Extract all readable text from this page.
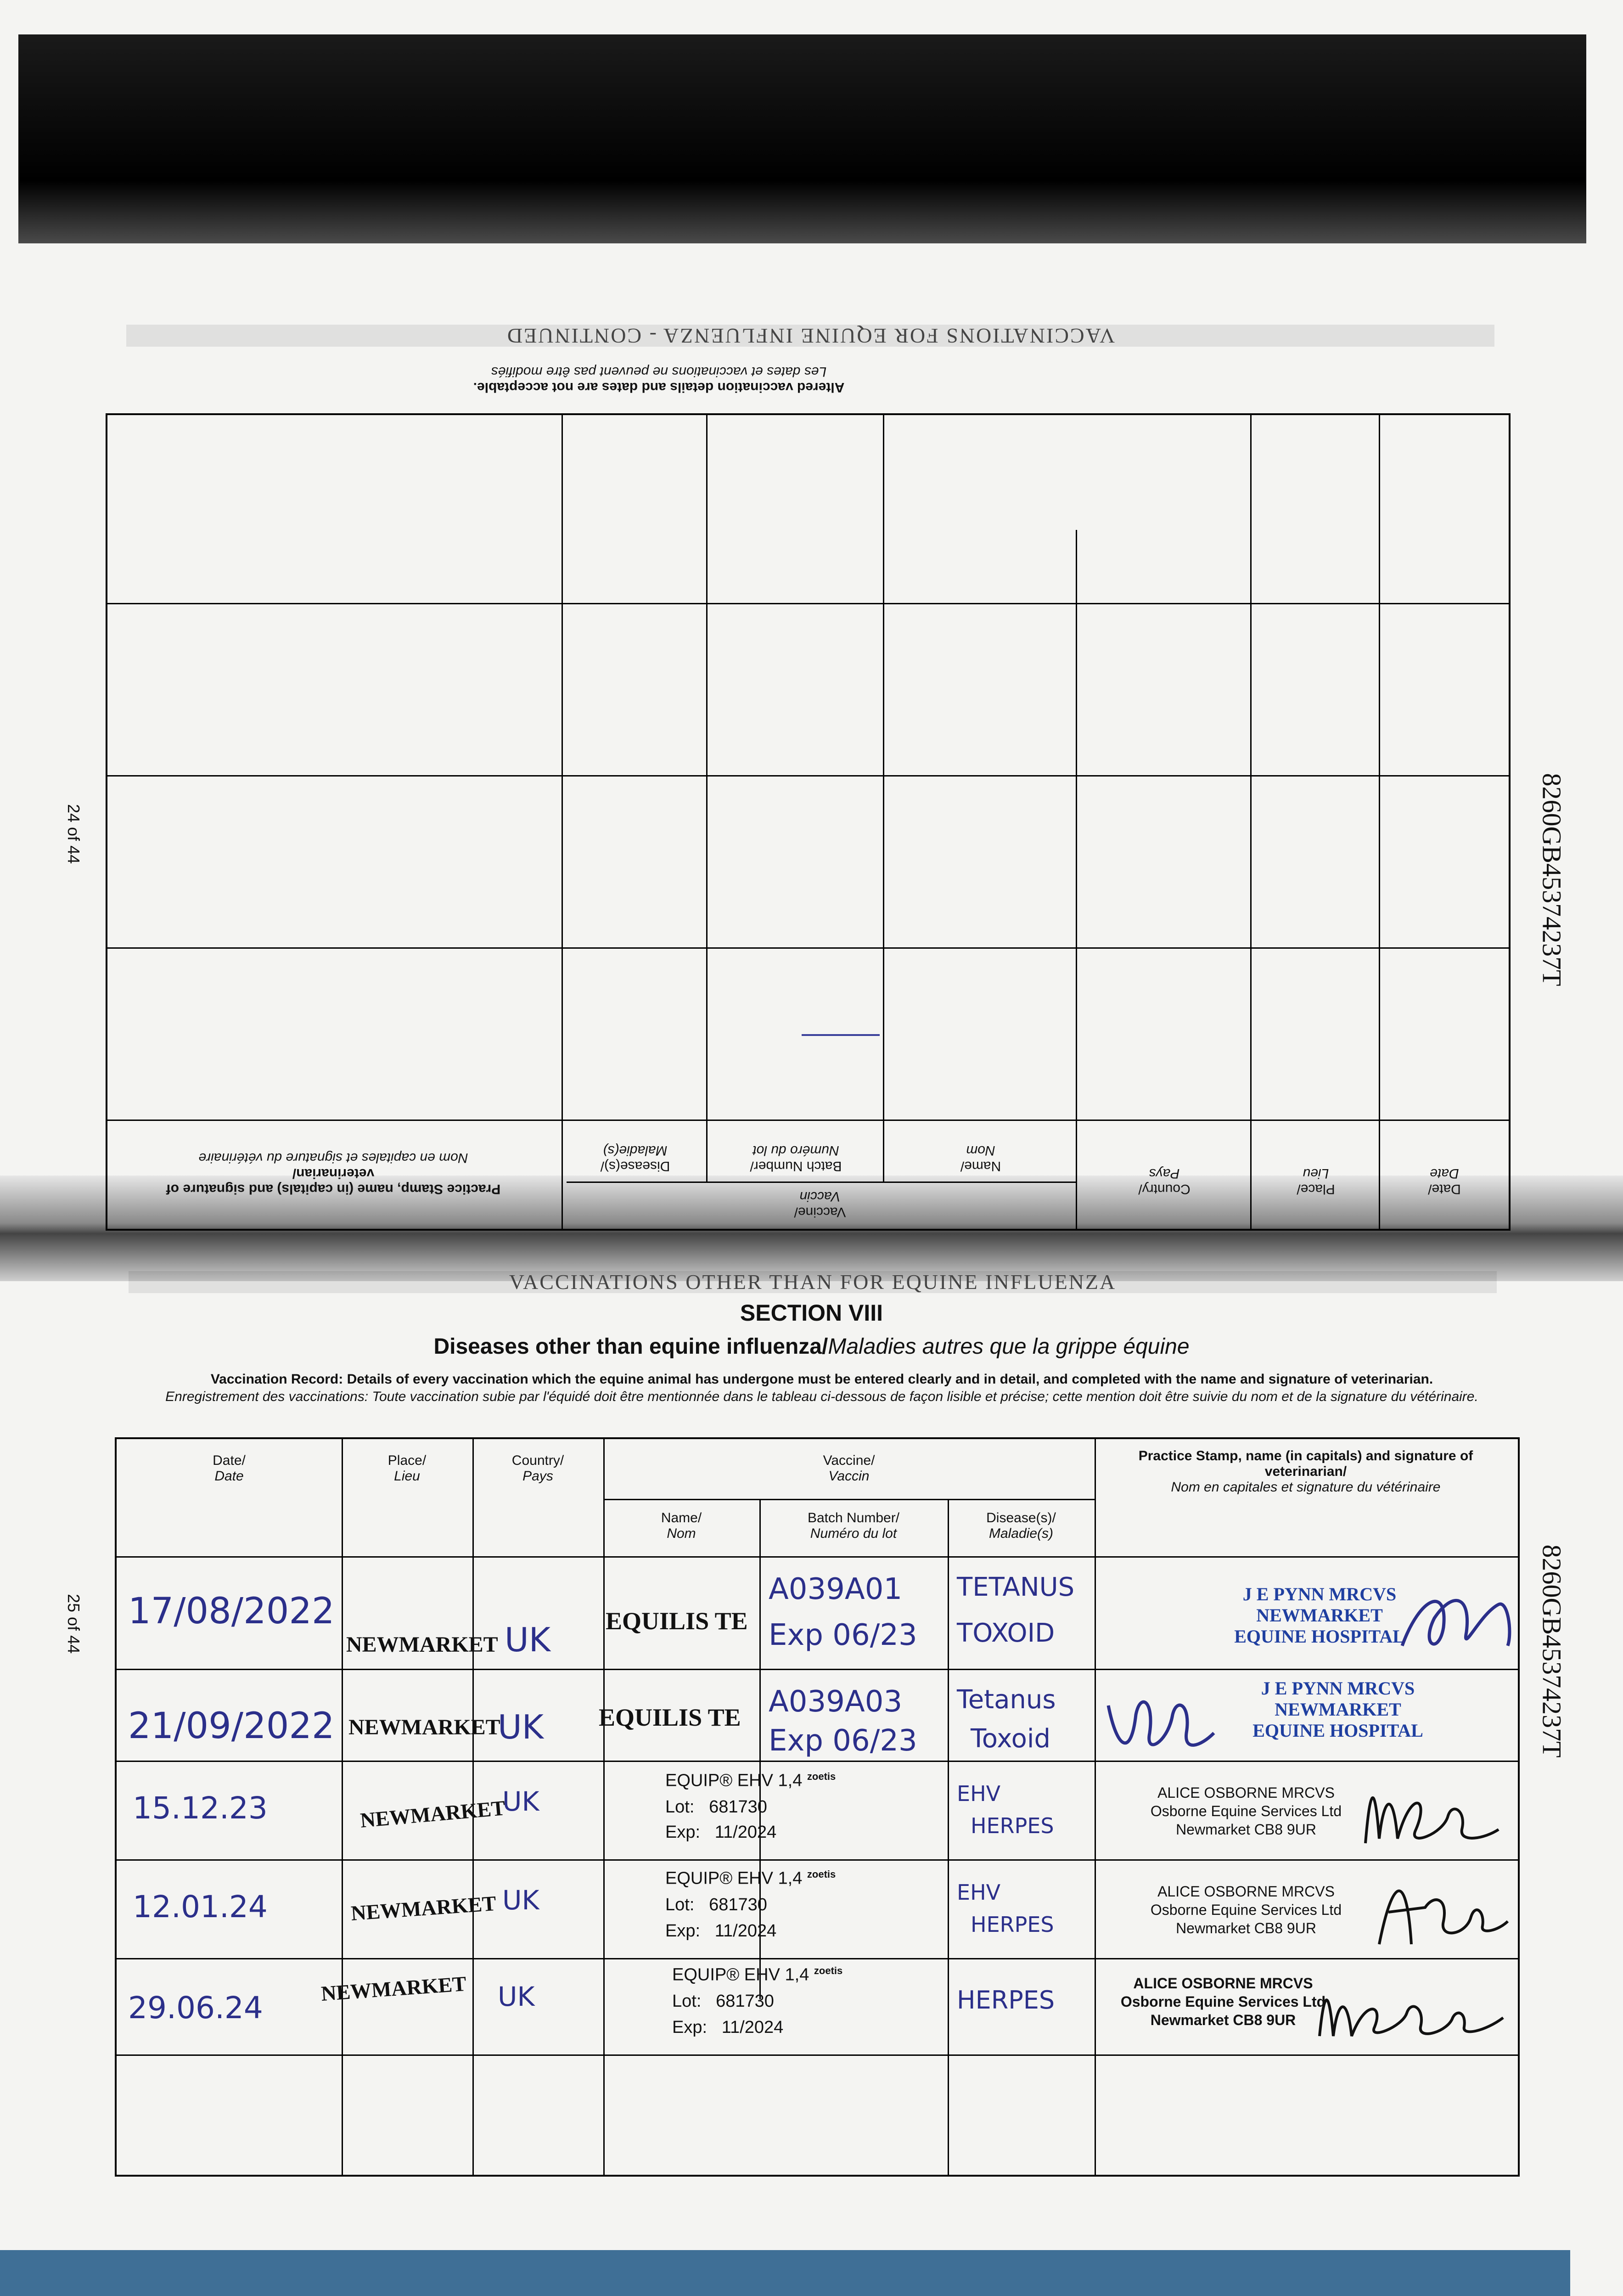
8260GB45374237T
8260GB45374237T
24 of 44
25 of 44
VACCINATIONS FOR EQUINE INFLUENZA - CONTINUED
Altered vaccination details and dates are not acceptable.
Les dates et vaccinations ne peuvent pas être modifiés
Date/
Date
Place/
Lieu
Country/
Pays
Vaccine/
Vaccin
Name/
Nom
Batch Number/
Numéro du lot
Disease(s)/
Maladie(s)
Practice Stamp, name (in capitals) and signature of
veterinarian/
Nom en capitales et signature du vétérinaire
VACCINATIONS OTHER THAN FOR EQUINE INFLUENZA
SECTION VIII
Diseases other than equine influenza/Maladies autres que la grippe équine
Vaccination Record: Details of every vaccination which the equine animal has undergone must be entered clearly and in detail, and completed with the name and signature of veterinarian.
Enregistrement des vaccinations: Toute vaccination subie par l'équidé doit être mentionnée dans le tableau ci-dessous de façon lisible et précise; cette mention doit être suivie du nom et de la signature du vétérinaire.
Date/
Date
Place/
Lieu
Country/
Pays
Vaccine/
Vaccin
Name/
Nom
Batch Number/
Numéro du lot
Disease(s)/
Maladie(s)
Practice Stamp, name (in capitals) and signature of veterinarian/
Nom en capitales et signature du vétérinaire
17/08/2022
NEWMARKET UK EQUILIS TE
A039A01
Exp 06/23
TETANUS
TOXOID
J E PYNN MRCVS
NEWMARKET
EQUINE HOSPITAL
21/09/2022 NEWMARKET
UK EQUILIS TE A039A03
Exp 06/23
Tetanus
Toxoid
J E PYNN MRCVS
NEWMARKET
EQUINE HOSPITAL
15.12.23	NEWMARKET
UK
EQUIP® EHV 1,4 $^{zoetis}$
Lot: 681730
Exp: 11/2024
EHV
HERPES
ALICE OSBORNE MRCVS
Osborne Equine Services Ltd
Newmarket CB8 9UR
12.01.24	NEWMARKET UK
EQUIP® EHV 1,4 $^{zoetis}$
Lot: 681730
Exp: 11/2024
EHV
HERPES
ALICE OSBORNE MRCVS
Osborne Equine Services Ltd
Newmarket CB8 9UR
29.06.24
NEWMARKET UK
EQUIP® EHV 1,4 $^{zoetis}$
Lot: 681730
Exp: 11/2024
HERPES
ALICE OSBORNE MRCVS
Osborne Equine Services Ltd
Newmarket CB8 9UR
